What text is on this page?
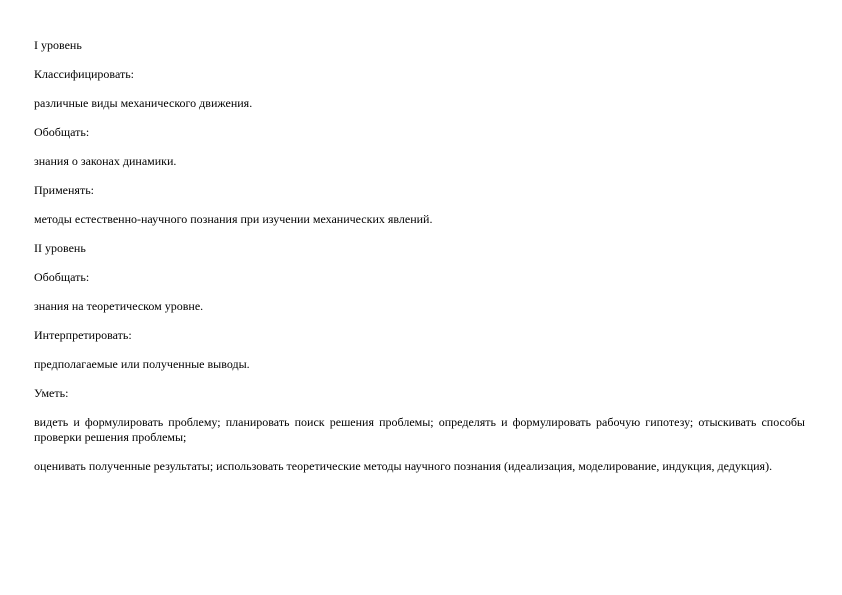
I уровень

Классифицировать:

различные виды механического движения.

Обобщать:

знания о законах динамики.

Применять:

методы естественно-научного познания при изучении механических явлений.

II уровень

Обобщать:

знания на теоретическом уровне.

Интерпретировать:

предполагаемые или полученные выводы.

Уметь:

видеть и формулировать проблему; планировать поиск решения проблемы; определять и формулировать рабочую гипотезу; отыскивать способы проверки решения проблемы;

оценивать полученные результаты; использовать теоретические методы научного познания (идеализация, моделирование, индукция, дедукция).
